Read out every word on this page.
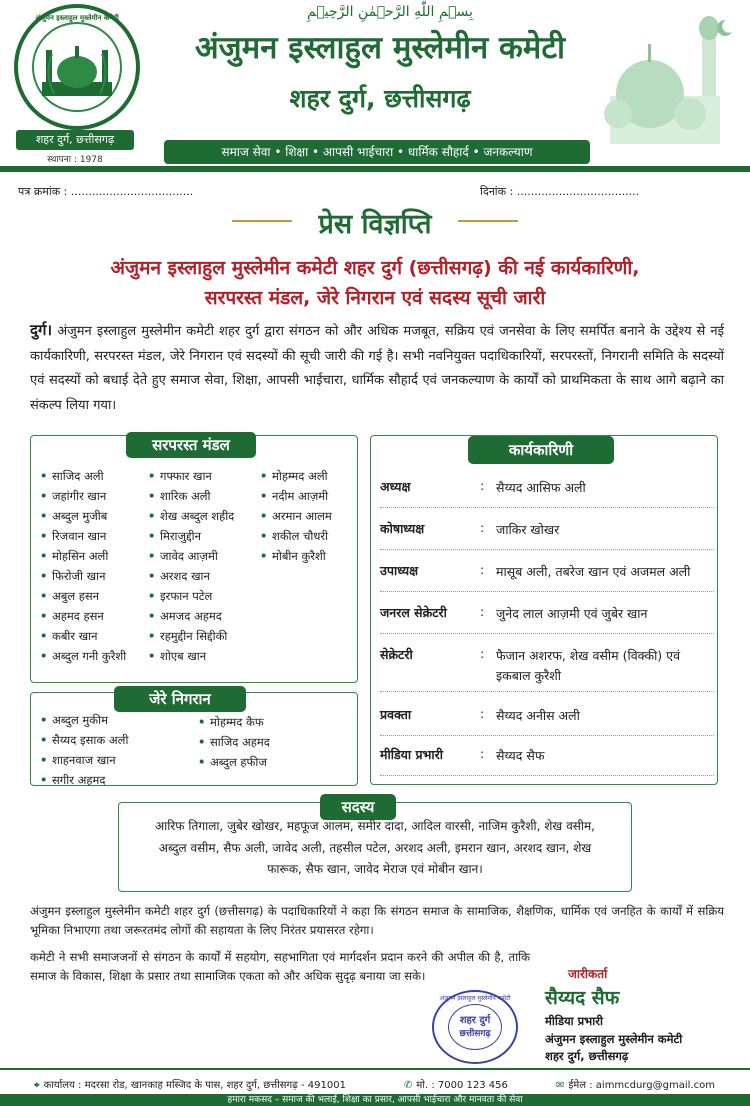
अंजुमन इस्लाहुल मुस्लेमीन कमेटी
शहर दुर्ग, छत्तीसगढ़
स्थापना : 1978
بِسۡمِ اللّٰهِ الرَّحۡمٰنِ الرَّحِيۡمِ
अंजुमन इस्लाहुल मुस्लेमीन कमेटी
शहर दुर्ग, छत्तीसगढ़
समाज सेवा • शिक्षा • आपसी भाईचारा • धार्मिक सौहार्द • जनकल्याण
पत्र क्रमांक : ...................................	दिनांक : ...................................
प्रेस विज्ञप्ति
अंजुमन इस्लाहुल मुस्लेमीन कमेटी शहर दुर्ग (छत्तीसगढ़) की नई कार्यकारिणी,
सरपरस्त मंडल, जेरे निगरान एवं सदस्य सूची जारी
दुर्ग। अंजुमन इस्लाहुल मुस्लेमीन कमेटी शहर दुर्ग द्वारा संगठन को और अधिक मजबूत, सक्रिय एवं जनसेवा के लिए समर्पित बनाने के उद्देश्य से नई कार्यकारिणी, सरपरस्त मंडल, जेरे निगरान एवं सदस्यों की सूची जारी की गई है। सभी नवनियुक्त पदाधिकारियों, सरपरस्तों, निगरानी समिति के सदस्यों एवं सदस्यों को बधाई देते हुए समाज सेवा, शिक्षा, आपसी भाईचारा, धार्मिक सौहार्द एवं जनकल्याण के कार्यों को प्राथमिकता के साथ आगे बढ़ाने का संकल्प लिया गया।
सरपरस्त मंडल
• साजिद अली
• जहांगीर खान
• अब्दुल मुजीब
• रिजवान खान
• मोहसिन अली
• फिरोजी खान
• अबुल हसन
• अहमद हसन
• कबीर खान
• अब्दुल गनी कुरैशी
• गफ्फार खान
• शारिक अली
• शेख अब्दुल शहीद
• मिराजुद्दीन
• जावेद आज़मी
• अरशद खान
• इरफान पटेल
• अमजद अहमद
• रहमुद्दीन सिद्दीकी
• शोएब खान
• मोहम्मद अली
• नदीम आज़मी
• अरमान आलम
• शकील चौधरी
• मोबीन कुरैशी
जेरे निगरान
• अब्दुल मुकीम
• सैय्यद इसाक अली
• शाहनवाज खान
• सगीर अहमद
• मोहम्मद कैफ
• साजिद अहमद
• अब्दुल हफीज
कार्यकारिणी
अध्यक्ष	: सैय्यद आसिफ अली
कोषाध्यक्ष	: जाकिर खोखर
उपाध्यक्ष	: मासूब अली, तबरेज खान एवं अजमल अली
जनरल सेक्रेटरी	: जुनेद लाल आज़मी एवं जुबेर खान
सेक्रेटरी	: फैजान अशरफ, शेख वसीम (विक्की) एवं इकबाल कुरैशी
प्रवक्ता	: सैय्यद अनीस अली
मीडिया प्रभारी	: सैय्यद सैफ
सदस्य
आरिफ तिगाला, जुबेर खोखर, महफूज आलम, समीर दादा, आदिल वारसी, नाजिम कुरैशी, शेख वसीम, अब्दुल वसीम, सैफ अली, जावेद अली, तहसील पटेल, अरशद अली, इमरान खान, अरशद खान, शेख फारूक, सैफ खान, जावेद मेराज एवं मोबीन खान।
अंजुमन इस्लाहुल मुस्लेमीन कमेटी शहर दुर्ग (छत्तीसगढ़) के पदाधिकारियों ने कहा कि संगठन समाज के सामाजिक, शैक्षणिक, धार्मिक एवं जनहित के कार्यों में सक्रिय भूमिका निभाएगा तथा जरूरतमंद लोगों की सहायता के लिए निरंतर प्रयासरत रहेगा।
कमेटी ने सभी समाजजनों से संगठन के कार्यों में सहयोग, सहभागिता एवं मार्गदर्शन प्रदान करने की अपील की है, ताकि समाज के विकास, शिक्षा के प्रसार तथा सामाजिक एकता को और अधिक सुदृढ़ बनाया जा सके।
अंजुमन इस्लाहुल मुस्लेमीन कमेटी
शहर दुर्ग
छत्तीसगढ़
जारीकर्ता
सैय्यद सैफ
मीडिया प्रभारी
अंजुमन इस्लाहुल मुस्लेमीन कमेटी
शहर दुर्ग, छत्तीसगढ़
⌖ कार्यालय : मदरसा रोड, खानकाह मस्जिद के पास, शहर दुर्ग, छत्तीसगढ़ - 491001	✆ मो. : 7000 123 456	✉ ईमेल : aimmcdurg@gmail.com
हमारा मकसद – समाज की भलाई, शिक्षा का प्रसार, आपसी भाईचारा और मानवता की सेवा
